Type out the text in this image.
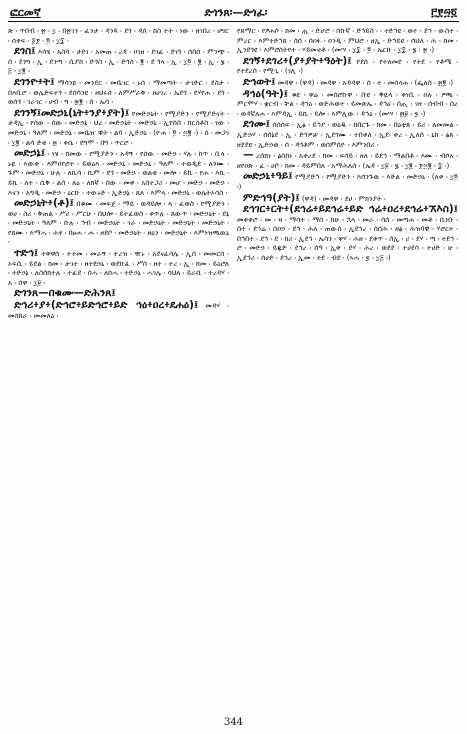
ፎርመኛ	ድጎንጸ፡—ድጎፈ፡	፫፻፵፬

ጽ ፡ ጥበብ ፡ ፳ ፡ ፲ ፡ በ፳ገን ፡ ፈንታ ፡ ዳንጳ ፡ ደጎ ፡ ዳሰ ፡ ከስ ተት ፡ ነው ፡ ዘገበረ ፡ ሀግር ፡ ሰቀፍ ፡ ፩፻ ፡ ፬ ፡ ፲፰ ፡

ደጎስ፤ እሳሄ ፡ አስሳ ፡ ታደገ ፡ አመጠ ፡ ረዳ ፡ ዐገዘ ፡ ደገፈ ፡ ደገጎ ፡ ሰበሰ ፡ ምንጭ ፡ ሰ ፡ ደንግ ፡ ኢ ፡ ደንጣ ፡ ሲያከ ፡ ድጎስ ፡ ኢ ፡ ድጎስ ፡ ፪ ፡ ደ ጎላ ፡ ኢ ፡ ፲፬ ፡ ፪ ፡ ኢ ፡ ፮ ፡ ፭ ፡ ፲፪ ፡

ደጎንዮ፥ት፤ ማሳንዩ ፡ መንደር ፡ መቤገር ፡ ኑሰ ፡ ማመጣት ፡ ታገድር ፡ ደስታ ፡ በእቢሮ ፡ ወሌድፍተጎ ፡ ደሰሳንዩ ፡ ዘህሩስ ፡ ለምሥራቅ ፡ ዘሀገረ ፡ ኤደጎ ፡ ደሃየሐ ፡ ደጎ ፡ ወሰጎ ፡ ገራገር ፡ ሀብ ፡ ግ ፡ ፳፪ ፡ ሰ ፡ ኤሳ ፡

ደጎንኝ፤መድኃኒ(ኒት፥ንያ፥ያት)፤ የመድኃኒት ፡ የሚያድን ፡ የሚያድናት ፡ ታዳኢ ፡ የሰው ፡ ሰው ፡ መድኃኔ ፡ ህረ ፡ መድኃኒት ፡ መድኃኒ ፡ ኢየሰስ ፡ ክርስቶስ ፡ ነው ፡ መድኃኒ ፡ ዓለም ፡ መድኃኔ ፡ መቤዠ ዊት ፡ ልባ ፡ ኢድኃኒ ፡ (ዮሐ ፡ ፬ ፡ ፵፪ ፡) ፡ ሰ ፡ መጋገ ፡ ፲፪ ፡ ልሳ ድቂ ፡ ፳ ፡ ቀሴ ፡ ደግሞ ፡ በግ ፡ ጥርሮ ፡

መድኃኔ፤ ፡ ነሄ ፡ ክመው ፡ የሚያድን ፡ አዳኝ ፡ የሰው ፡ መድኃ ፡ ሃሉ ፡ ከጥ ፡ ቢላ ፡ ኑዬ ፡ እውቀ ፡ እምዐየሮተ ፡ ይወዕእ ፡ መድኃኒ ፡ መድኃኒ ፡ ዓለም ፡ ተወዲደ ፡ ለንሙ ፡ ጉም ፡ መድኃኒ ፡ ሁሉ ፡ ለኪሳ ፡ ኪም ፡ ደጎ ፡ መድኃ ፡ ወልቂ ፡ መሎ ፡ ይኪ ፡ የሐ ፡ እኪ ፡ ይኪ ፡ ለተ ፡ ሲቅ ፡ ልሰ ፡ ለዕ ፡ ለክኛ ፡ ሰው ፡ መቀ ፡ አስተጋሪ ፡ መሆ ፡ መድኃ ፡ መድኃ ፡ እናን ፡ አግዲ ፡ መድኃ ፡ ዕርኩ ፡ ተውኑድ ፡ ኢድኃኔ ፡ ጸለ ፡ እምላ ፡ መድኃኒ ፡ ወሌትኦሳስ ፡

መድኃኒት፥(ቶ)፤ በቁሙ ፡ መፍጀ ፡ ማይ ፡ ወዳይሎ ፡ ላ ፡ ፈወስ ፡ የሚያድን ፡ ወሀ ፡ ስሪ ፡ ቅጠል ፡ ሥሪ ፡ ሥርሁ ፡ በህሎ ፡ ይተፈወስ ፡ ቀጥሉ ፡ ጸውጥ ፡ መድኃኒት ፡ ደኔ ፡ መድኃኒት ፡ ዓለም ፡ ኩሉ ፡ ኅብ ፡ መድኃኒት ፡ ገራ ፡ መድኃኒት ፡ መድኃኒት ፡ መድኃኒት ፡ የጸሙ ፡ እማሓ ፡ ሕፃ ፡ በፀሐ ፡ ሐ ፡ ዘደቦ ፡ መድኃኒት ፡ ዘዕን ፡ መድኃኒት ፡ እምነዝጫዉኒ ፡

ተድኅ፤ ተዋዋሰ ፡ ተተመ ፡ መራኝ ፡ ተረዝ ፡ ዥኑ ፡ አደናፈሳሌ ፡ ኢሰ ፡ መመርሰ ፡ ኦፍሲ ፡ ይደል ፡ ክመ ፡ ታገተ ፡ ዘተደኃኒ ፡ ወደኩፈ ፡ ሥሰ ፡ ዘተ ፡ ተረ ፡ ኢ ፡ ክመ ፡ ይዕሮለ ፡ ተድኃኔ ፡ ለስሰክተሉ ፡ ተፈደ ፡ ሰሓ ፡ ለከሓ ፡ ተድኃኔ ፡ ሓገሌ ፡ ሳህለ ፡ ይራቢ ፡ ተረዳሃ ፡ አ ፡ ሰዋ ፡ ፲፱ ፡

ድጎንጸ—በቁሙ—ድሕንጸ፤

ድኅሪ፥ያ፥(ድኅሮ፥ይድኅሮ፥ይድ ኅዕ፥ዐረ፥ደሐዕ)፤ መዳሃ ፡ መስከራ ፡ መመለዕ ፡

የጸማር ፡ የፆሐሶ ፡ ክመ ፡ ሒ ፡ ድሆሮ ፡ ሰኩኛ ፡ ድኅይስ ፡ ፡ ተድኅዩ ፡ ወተ ፡ ደኅ ፡ ውስተ ፡ ምረር ፡ እምተድኅጸ ፡ ስሰ ፡ ሰዐፉ ፡ ዐንዲ ፡ ምህሮ ፡ ዘኢ ፡ ድኅይዩ ፡ ሰህለ ፡ ሕ ፡ ከመ ፡ ኢንደጎዩ ፡ እምሮስትየተ ፡ ሃይመኖቶ ፡ (መሣ ፡ ፲፰ ፡ ፬ ፡ ኤርኩ ፡ ፲፰ ፡ ፮ ፡ ፳ ፡)

ደጎኝ፥ደጎሪ፥(ያ፥ያት፥ዓዕት)፤ የደሰ ፡ የተለመደ ፡ የተደ ፡ የቶሜ ፡ የተደረሰ ፡ የሚጊ ፡ (ገሊ ፡)

ድኅወት፤ መዳዋ ፡ (ዋዳ) ፡ መዳዋ ፡ አዳዳዋ ፡ ሰ ፡ ተ ፡ መሰላሐ ፡ (ፌለሰ ፡ ፳፪ ፡)

ዳኅዕ(ዓት)፤ ቁዩ ፡ ዋሬ ፡ መሰሮኩዋ ፡ ቡዩ ፡ ቅዬላ ፡ ቀነቢ ፡ ዐሉ ፡ ፆጫ ፡ ምርሞሃ ፡ ቋርብ ፡ ቸል ፡ ዳኅዕ ፡ ወድሕወተ ፡ ይመጽኤ ፡ ዳኅዕ ፡ ሰሒ ፡ ገዛ ፡ ሰብብ ፡ ሰረ ፡ ወዳኛለሐ ፡ እምዳኢ ፡ ይኪ ፡ ይሎ ፡ እምሊው ፡ ዳኅዕ ፡ (መሣ ፡ ፴፱ ፡ ፯ ፡)

ደጎሙ፤ ሰሰሰፍ ፡ ኢፅ ፡ ይኅያ ፡ ወዕዱ ፡ ከበርጉ ፡ ክመ ፡ በዕቲጸ ፡ ይሪ ፡ ለመመል ፡ ኢድኃሃ ፡ ሰሰኔደ ፡ ኢ ፡ ድጎዎቻ ፡ ኢደጎሙ ፡ ተበቀለ ፡ ኢደ፡ ቀረ ፡ ኢለሰ ፡ ኒከ ፡ ፅጸ ፡ ዘደደዩ ፡ ኢድኃወ ፡ ሰ ፡ ዳጎቶም ፡ ወሰምሰዮ ፡ እምንበሪ ፡

— ረሰክነ ፡ ፅሰከነ ፡ አቀረደ ፡ ክመ ፡ ፍሳይ ፡ ዘለ ፡ ይደኅ ፡ ማልበቶ ፡ እሙ ፡ ብሶአ ፡ ዘየዐጽ ፡ ፈ ፡ ሀቦ ፡ ክመ ፡ ዳይምበለ ፡ አማሕለሰ ፡ (ኤዳ ፡ ፲፱ ፡ ፮ ፡ ፲፪ ፡ ፻፵፪ ፡ ፰ ፡)

መድኃኒ፥ዓይ፤ የሚያድኅ ፡ የሚያድን ፡ እሰንጉዉ ፡ እድል ፡ መድኃኒ ፡ (ለቀ ፡ ፲፬ ፡)

ምድኅዓ(ያት)፤ (ዋዳ) ፡ መዳዋ ፡ ደሀ ፡ ምክንያት ፡

ደኅገር፥ርት፥(ደኅሬ፥ይደኅሬ፥ይድ ኅሬ፥ዐረ፥ደኅሬ፥ኧእስ)፤ መቀቀሮ ፡ መ ፡ ዛ ፡ ማሳተ ፡ ማሰ ፡ ከሁ ፡ ኋላ ፡ መራ ፡ ሳሰ ፡ መጣሐ ፡ መቶ ፡ ቢነቡ ፡ ሰተ ፡ ደኅሬ ፡ ሰዐኃ ፡ ደኅ ፡ ሕለ ፡ ጠውሰ ፡ ኢደኅረ ፡ ሰሰሕ ፡ ዘፅ ፡ ሕዝባዊ ፡ ሃሮርተ ፡ በኅበተ ፡ ደኅ ፡ ደ ፡ ከሪ ፡ ኢደኅ ፡ ኤሳን ፡ ዋሃ ፡ ሕዘ ፡ ደቀጥ ፡ ሰኢ ፡ ሪ ፡ ደሃ ፡ ጣ ፡ ተደኅ ፡ ሮ ፡ መድኃ ፡ ይጁድ ፡ ደኅረ ፡ ሰዓ ፡ ኢቀ ፡ ደሃ ፡ ሕረ ፡ ወደደ ፡ ተሀደሳ ፡ ተሀድ ፡ ሁ ፡ ኢደኅሪ ፡ ሰሀድ ፡ ደኅረ ፡ ኢመ ፡ ተደ ፡ ብደ ፡ (ኣሓ ፡ ፯ ፡ ፲፭ ፡)

344
